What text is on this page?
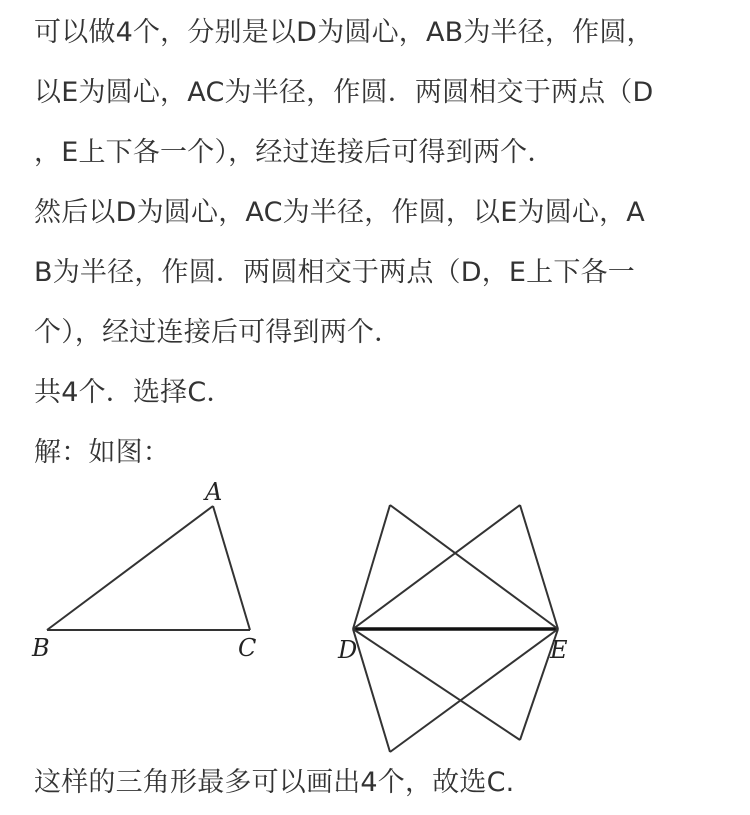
可以做4个，分别是以D为圆心，AB为半径，作圆，
以E为圆心，AC为半径，作圆．两圆相交于两点（D
，E上下各一个），经过连接后可得到两个．
然后以D为圆心，AC为半径，作圆，以E为圆心，A
B为半径，作圆．两圆相交于两点（D，E上下各一
个），经过连接后可得到两个．
共4个．选择C．
解：如图：
A
B	C	D	E
这样的三角形最多可以画出4个，故选C.
